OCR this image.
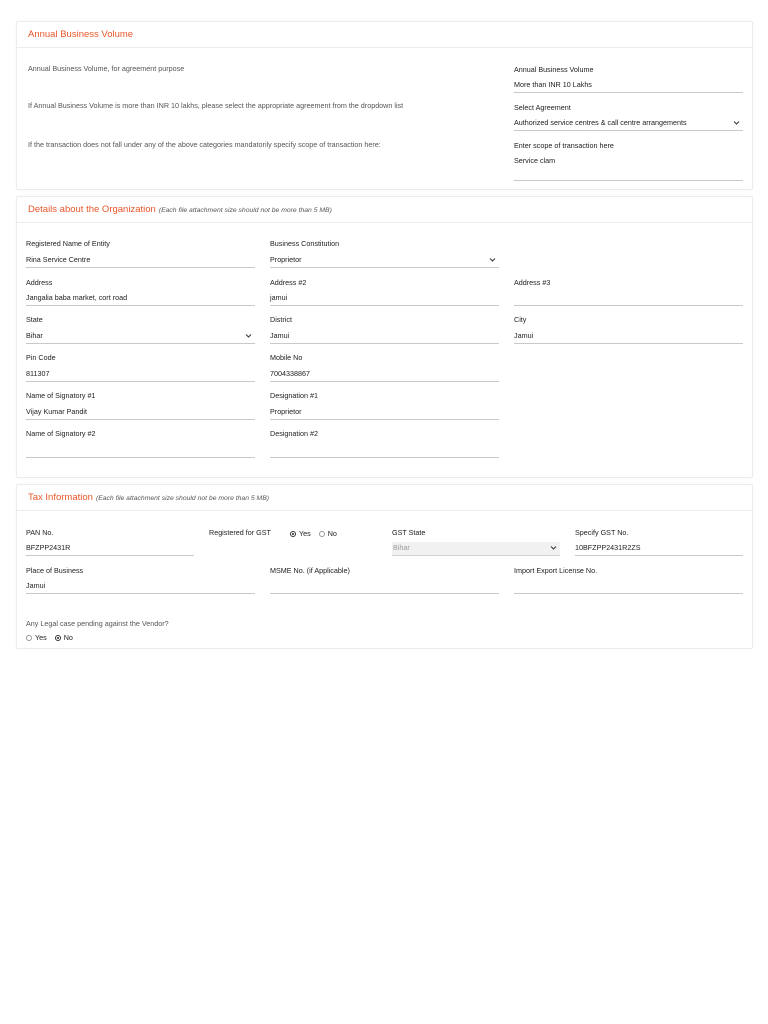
Annual Business Volume
Annual Business Volume, for agreement purpose
If Annual Business Volume is more than INR 10 lakhs, please select the appropriate agreement from the dropdown list
If the transaction does not fall under any of the above categories mandatorily specify scope of transaction here:
Annual Business Volume
More than INR 10 Lakhs
Select Agreement
Authorized service centres & call centre arrangements
Enter scope of transaction here
Service clam
Details about the Organization (Each file attachment size should not be more than 5 MB)
Registered Name of Entity
Rina Service Centre
Business Constitution
Proprietor
Address
Jangalia baba market, cort road
Address #2
jamui
Address #3
State
Bihar
District
Jamui
City
Jamui
Pin Code
811307
Mobile No
7004338867
Name of Signatory #1
Vijay Kumar Pandit
Designation #1
Proprietor
Name of Signatory #2	Designation #2
Tax Information (Each file attachment size should not be more than 5 MB)
PAN No.
BFZPP2431R
Registered for GST	Yes No	GST State
Bihar
Specify GST No.
10BFZPP2431R2ZS
Place of Business
Jamui
MSME No. (if Applicable)	Import Export License No.
Any Legal case pending against the Vendor?
Yes No
